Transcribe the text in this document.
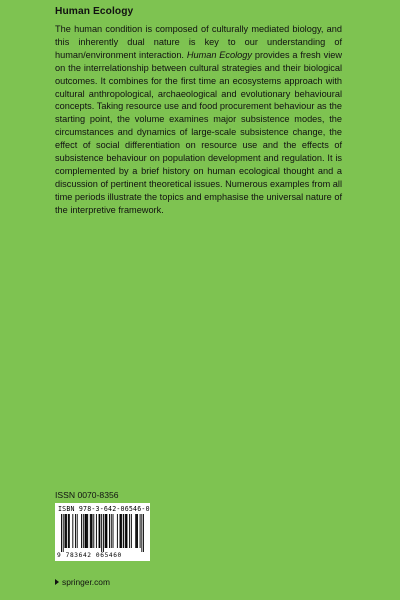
Human Ecology
The human condition is composed of culturally mediated biology, and this inherently dual nature is key to our understanding of human/environment interaction. Human Ecology provides a fresh view on the interrelationship between cultural strategies and their biological outcomes. It combines for the first time an ecosystems approach with cultural anthropological, archaeological and evolutionary behavioural concepts. Taking resource use and food procurement behaviour as the starting point, the volume examines major subsistence modes, the circumstances and dynamics of large-scale subsistence change, the effect of social differentiation on resource use and the effects of subsistence behaviour on population development and regulation. It is complemented by a brief history on human ecological thought and a discussion of pertinent theoretical issues. Numerous examples from all time periods illustrate the topics and emphasise the universal nature of the interpretive framework.
ISSN 0070-8356
ISBN 978-3-642-06546-0
9 783642 065460
springer.com
